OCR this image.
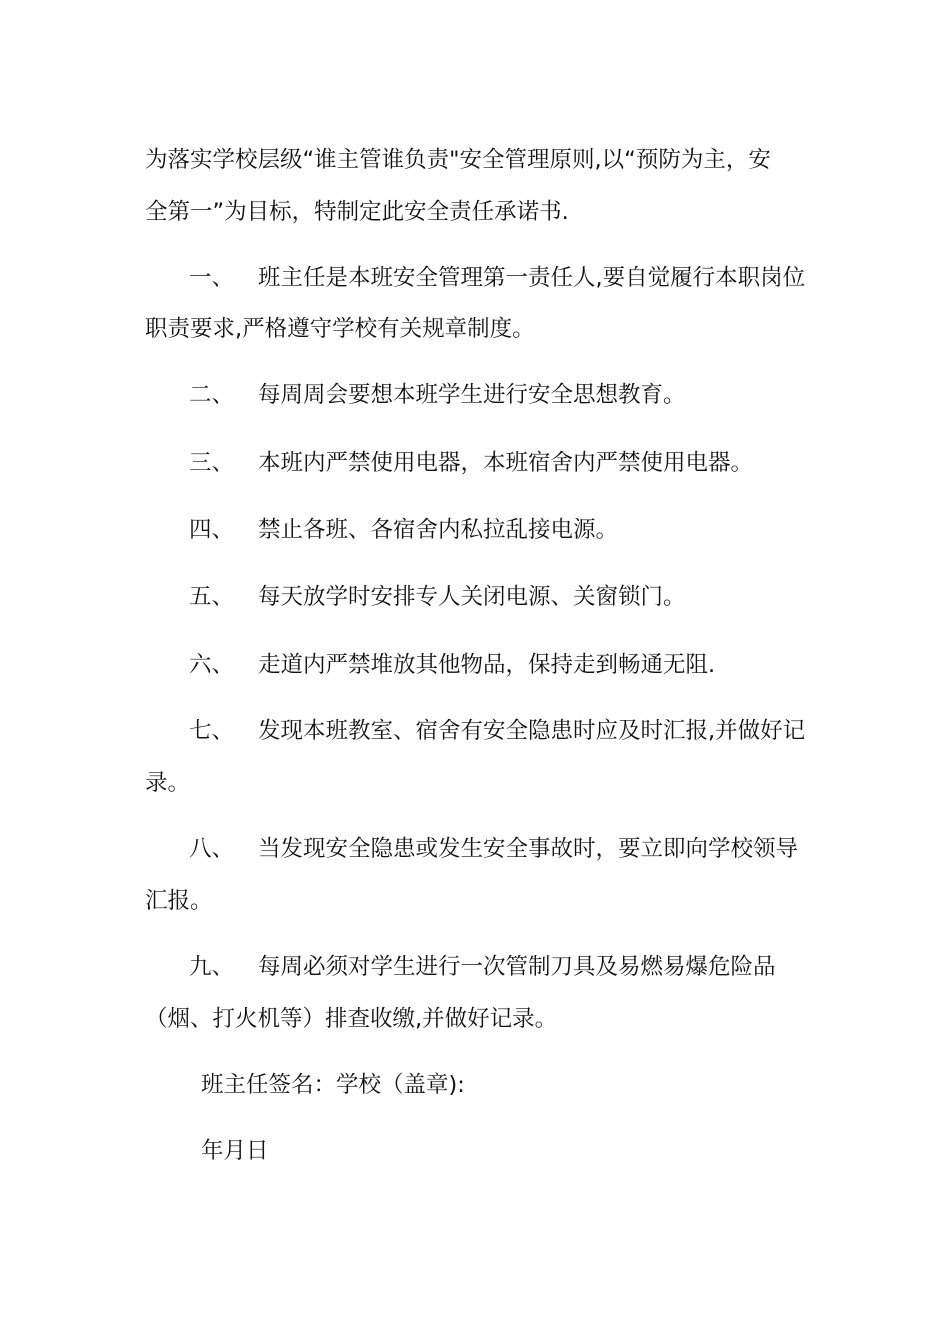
为落实学校层级“谁主管谁负责"安全管理原则,以“预防为主，安
全第一”为目标，特制定此安全责任承诺书.
一、 班主任是本班安全管理第一责任人,要自觉履行本职岗位
职责要求,严格遵守学校有关规章制度。
二、 每周周会要想本班学生进行安全思想教育。
三、 本班内严禁使用电器，本班宿舍内严禁使用电器。
四、 禁止各班、各宿舍内私拉乱接电源。
五、 每天放学时安排专人关闭电源、关窗锁门。
六、 走道内严禁堆放其他物品，保持走到畅通无阻.
七、 发现本班教室、宿舍有安全隐患时应及时汇报,并做好记
录。
八、 当发现安全隐患或发生安全事故时，要立即向学校领导
汇报。
九、 每周必须对学生进行一次管制刀具及易燃易爆危险品
（烟、打火机等）排查收缴,并做好记录。
班主任签名：学校（盖章):
年月日
